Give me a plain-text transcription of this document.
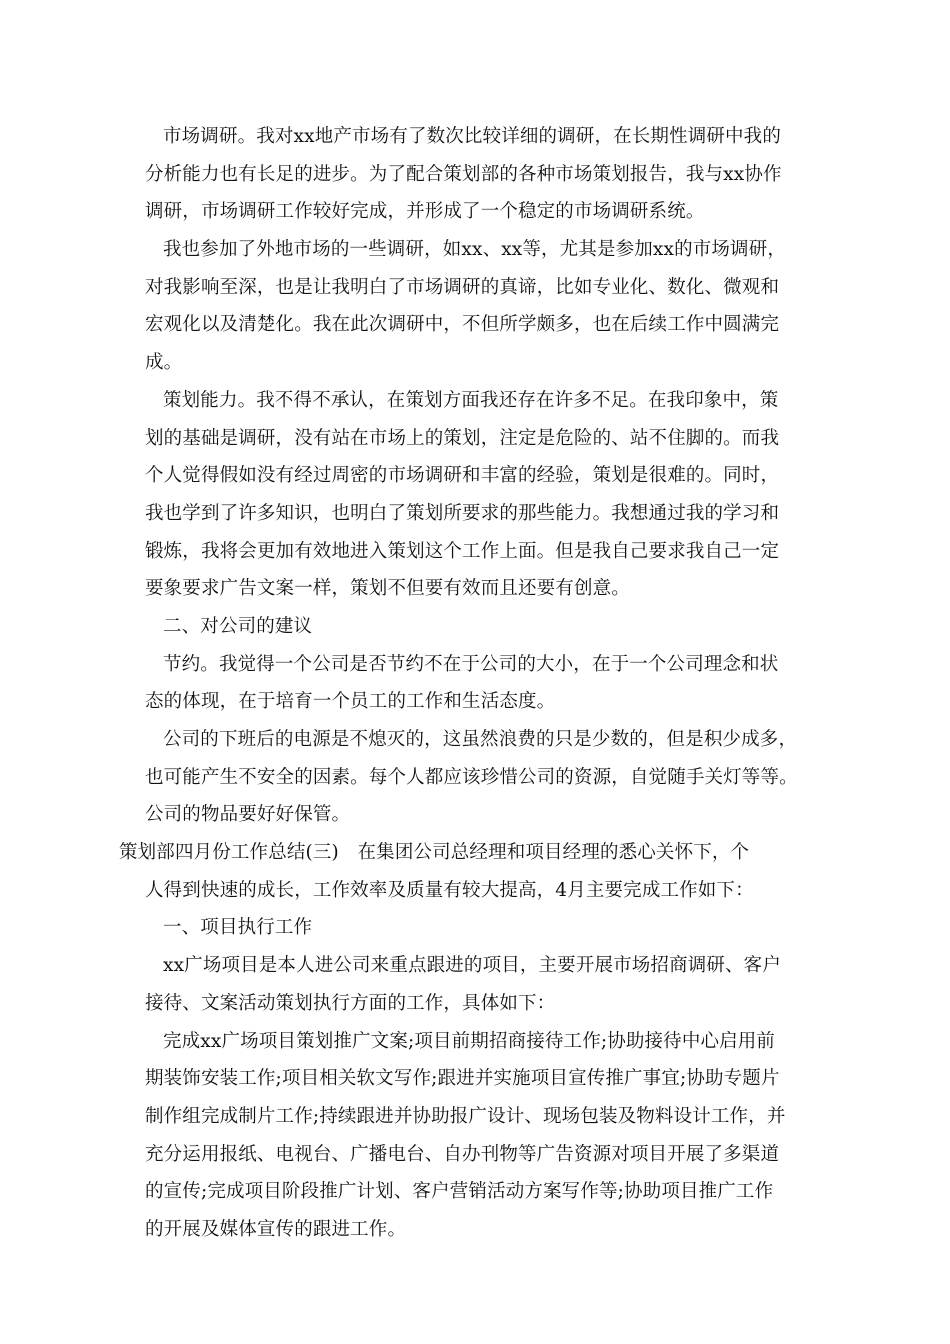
市场调研。我对xx地产市场有了数次比较详细的调研，在长期性调研中我的
分析能力也有长足的进步。为了配合策划部的各种市场策划报告，我与xx协作
调研，市场调研工作较好完成，并形成了一个稳定的市场调研系统。
我也参加了外地市场的一些调研，如xx、xx等，尤其是参加xx的市场调研，
对我影响至深，也是让我明白了市场调研的真谛，比如专业化、数化、微观和
宏观化以及清楚化。我在此次调研中，不但所学颇多，也在后续工作中圆满完
成。
策划能力。我不得不承认，在策划方面我还存在许多不足。在我印象中，策
划的基础是调研，没有站在市场上的策划，注定是危险的、站不住脚的。而我
个人觉得假如没有经过周密的市场调研和丰富的经验，策划是很难的。同时，
我也学到了许多知识，也明白了策划所要求的那些能力。我想通过我的学习和
锻炼，我将会更加有效地进入策划这个工作上面。但是我自己要求我自己一定
要象要求广告文案一样，策划不但要有效而且还要有创意。
二、对公司的建议
节约。我觉得一个公司是否节约不在于公司的大小，在于一个公司理念和状
态的体现，在于培育一个员工的工作和生活态度。
公司的下班后的电源是不熄灭的，这虽然浪费的只是少数的，但是积少成多，
也可能产生不安全的因素。每个人都应该珍惜公司的资源，自觉随手关灯等等。
公司的物品要好好保管。
策划部四月份工作总结(三)　在集团公司总经理和项目经理的悉心关怀下，个
人得到快速的成长，工作效率及质量有较大提高，4月主要完成工作如下：
一、项目执行工作
xx广场项目是本人进公司来重点跟进的项目，主要开展市场招商调研、客户
接待、文案活动策划执行方面的工作，具体如下：
完成xx广场项目策划推广文案;项目前期招商接待工作;协助接待中心启用前
期装饰安装工作;项目相关软文写作;跟进并实施项目宣传推广事宜;协助专题片
制作组完成制片工作;持续跟进并协助报广设计、现场包装及物料设计工作，并
充分运用报纸、电视台、广播电台、自办刊物等广告资源对项目开展了多渠道
的宣传;完成项目阶段推广计划、客户营销活动方案写作等;协助项目推广工作
的开展及媒体宣传的跟进工作。
